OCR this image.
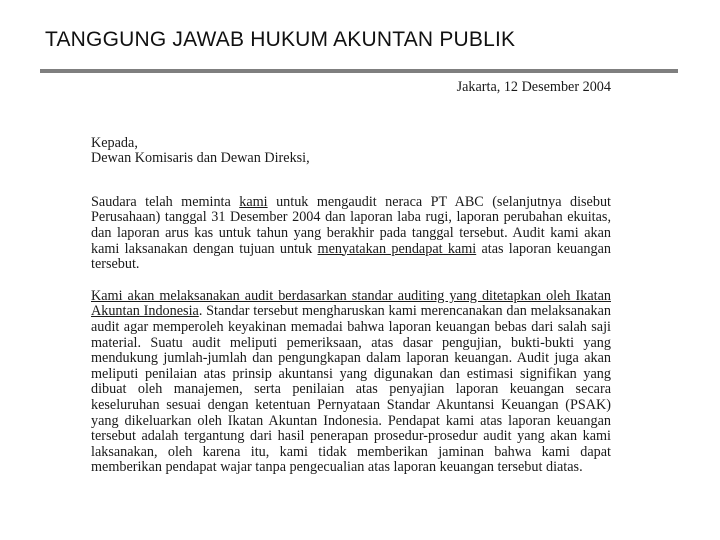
TANGGUNG JAWAB HUKUM AKUNTAN PUBLIK

Jakarta, 12 Desember 2004

Kepada,
Dewan Komisaris dan Dewan Direksi,

Saudara telah meminta kami untuk mengaudit neraca PT ABC (selanjutnya disebut Perusahaan) tanggal 31 Desember 2004 dan laporan laba rugi, laporan perubahan ekuitas, dan laporan arus kas untuk tahun yang berakhir pada tanggal tersebut. Audit kami akan kami laksanakan dengan tujuan untuk menyatakan pendapat kami atas laporan keuangan tersebut.

Kami akan melaksanakan audit berdasarkan standar auditing yang ditetapkan oleh Ikatan Akuntan Indonesia. Standar tersebut mengharuskan kami merencanakan dan melaksanakan audit agar memperoleh keyakinan memadai bahwa laporan keuangan bebas dari salah saji material. Suatu audit meliputi pemeriksaan, atas dasar pengujian, bukti-bukti yang mendukung jumlah-jumlah dan pengungkapan dalam laporan keuangan. Audit juga akan meliputi penilaian atas prinsip akuntansi yang digunakan dan estimasi signifikan yang dibuat oleh manajemen, serta penilaian atas penyajian laporan keuangan secara keseluruhan sesuai dengan ketentuan Pernyataan Standar Akuntansi Keuangan (PSAK) yang dikeluarkan oleh Ikatan Akuntan Indonesia. Pendapat kami atas laporan keuangan tersebut adalah tergantung dari hasil penerapan prosedur-prosedur audit yang akan kami laksanakan, oleh karena itu, kami tidak memberikan jaminan bahwa kami dapat memberikan pendapat wajar tanpa pengecualian atas laporan keuangan tersebut diatas.
